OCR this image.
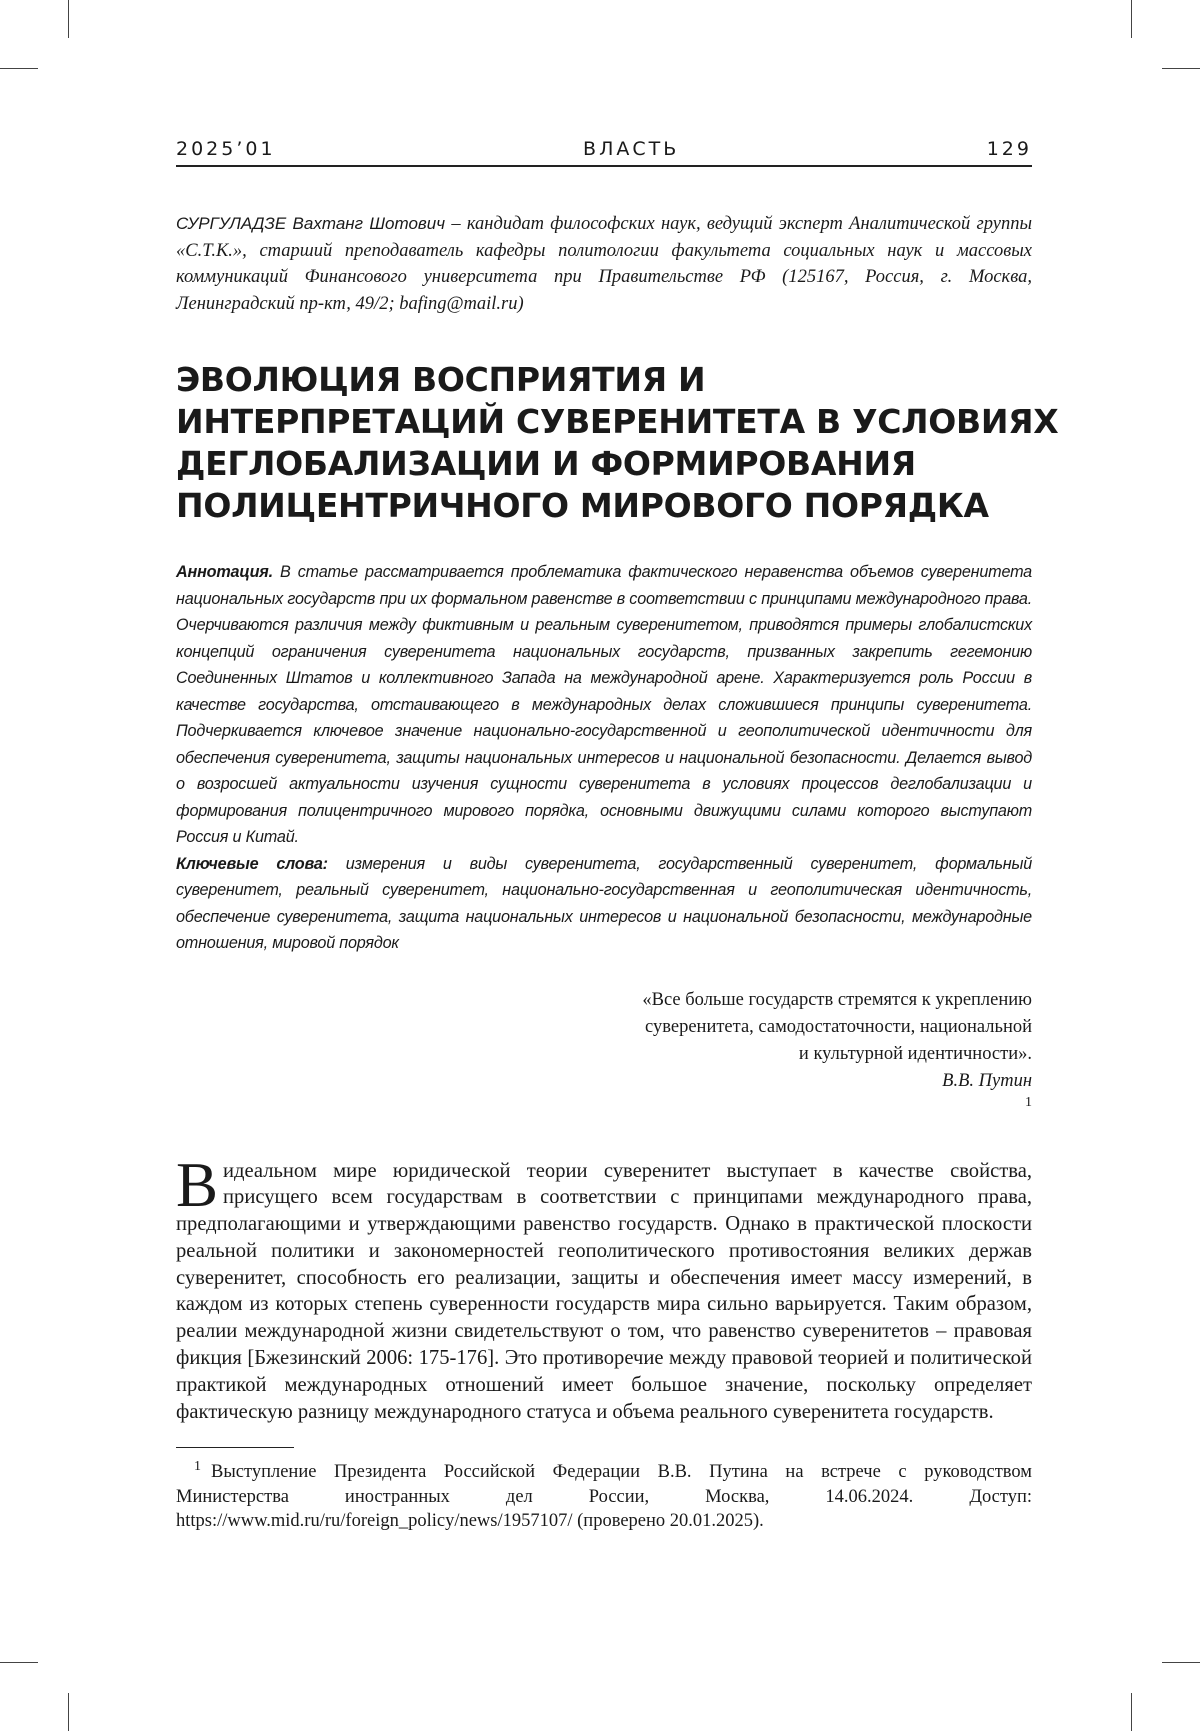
2025’01	ВЛАСТЬ	129
СУРГУЛАДЗЕ Вахтанг Шотович – кандидат философских наук, ведущий эксперт Аналитической группы «С.Т.К.», старший преподаватель кафедры политологии факультета социальных наук и массовых коммуникаций Финансового университета при Правительстве РФ (125167, Россия, г. Москва, Ленинградский пр-кт, 49/2; bafing@mail.ru)
ЭВОЛЮЦИЯ ВОСПРИЯТИЯ И
ИНТЕРПРЕТАЦИЙ СУВЕРЕНИТЕТА В УСЛОВИЯХ
ДЕГЛОБАЛИЗАЦИИ И ФОРМИРОВАНИЯ
ПОЛИЦЕНТРИЧНОГО МИРОВОГО ПОРЯДКА

Аннотация. В статье рассматривается проблематика фактического неравенства объемов суверенитета национальных государств при их формальном равенстве в соответствии с принципами международного права. Очерчиваются различия между фиктивным и реальным суверенитетом, приводятся примеры глобалистских концепций ограничения суверенитета национальных государств, призванных закрепить гегемонию Соединенных Штатов и коллективного Запада на международной арене. Характеризуется роль России в качестве государства, отстаивающего в международных делах сложившиеся принципы суверенитета. Подчеркивается ключевое значение национально-государственной и геополитической идентичности для обеспечения суверенитета, защиты национальных интересов и национальной безопасности. Делается вывод о возросшей актуальности изучения сущности суверенитета в условиях процессов деглобализации и формирования полицентричного мирового порядка, основными движущими силами которого выступают Россия и Китай.

Ключевые слова: измерения и виды суверенитета, государственный суверенитет, формальный суверенитет, реальный суверенитет, национально-государственная и геополитическая идентичность, обеспечение суверенитета, защита национальных интересов и национальной безопасности, международные отношения, мировой порядок

«Все больше государств стремятся к укреплению
суверенитета, самодостаточности, национальной
и культурной идентичности».
В.В. Путин
$^1$

В идеальном мире юридической теории суверенитет выступает в качестве свойства, присущего всем государствам в соответствии с принципами международного права, предполагающими и утверждающими равенство государств. Однако в практической плоскости реальной политики и закономерностей геополитического противостояния великих держав суверенитет, способность его реализации, защиты и обеспечения имеет массу измерений, в каждом из которых степень суверенности государств мира сильно варьируется. Таким образом, реалии международной жизни свидетельствуют о том, что равенство суверенитетов – правовая фикция [Бжезинский 2006: 175-176]. Это противоречие между правовой теорией и политической практикой международных отношений имеет большое значение, поскольку определяет фактическую разницу международного статуса и объема реального суверенитета государств.

$^1$ Выступление Президента Российской Федерации В.В. Путина на встрече с руководством Министерства иностранных дел России, Москва, 14.06.2024. Доступ: https://www.mid.ru/ru/foreign_policy/news/1957107/ (проверено 20.01.2025).
